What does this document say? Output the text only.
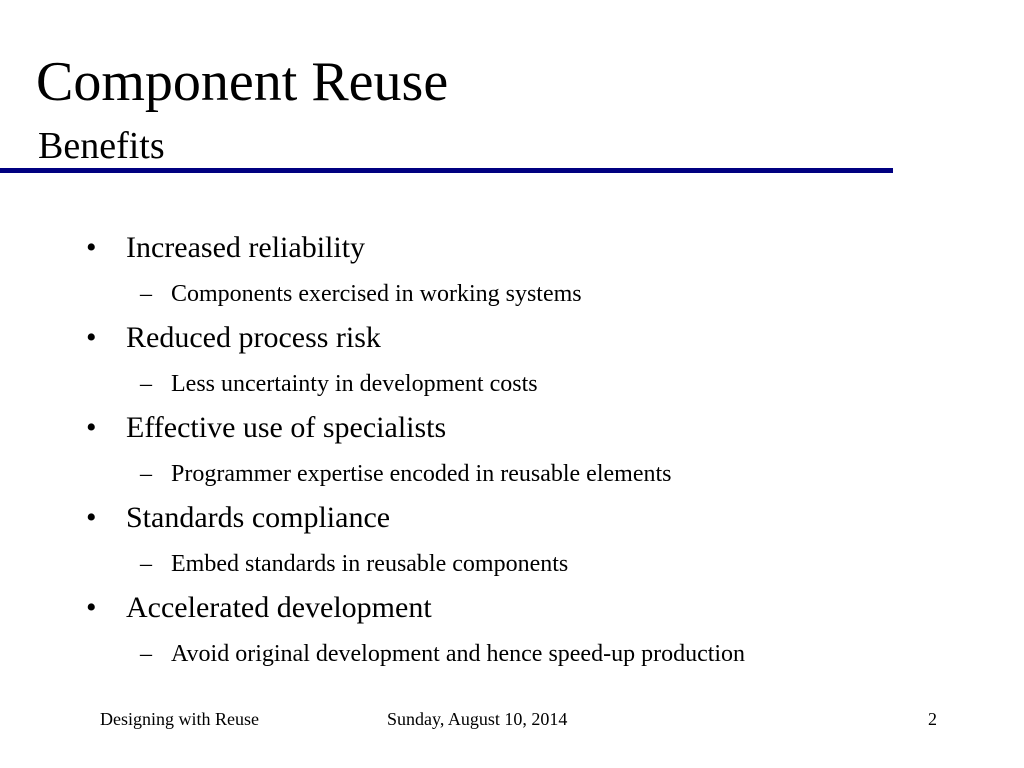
Component Reuse
Benefits
• Increased reliability
– Components exercised in working systems
• Reduced process risk
– Less uncertainty in development costs
• Effective use of specialists
– Programmer expertise encoded in reusable elements
• Standards compliance
– Embed standards in reusable components
• Accelerated development
– Avoid original development and hence speed-up production
Designing with Reuse	Sunday, August 10, 2014	2
